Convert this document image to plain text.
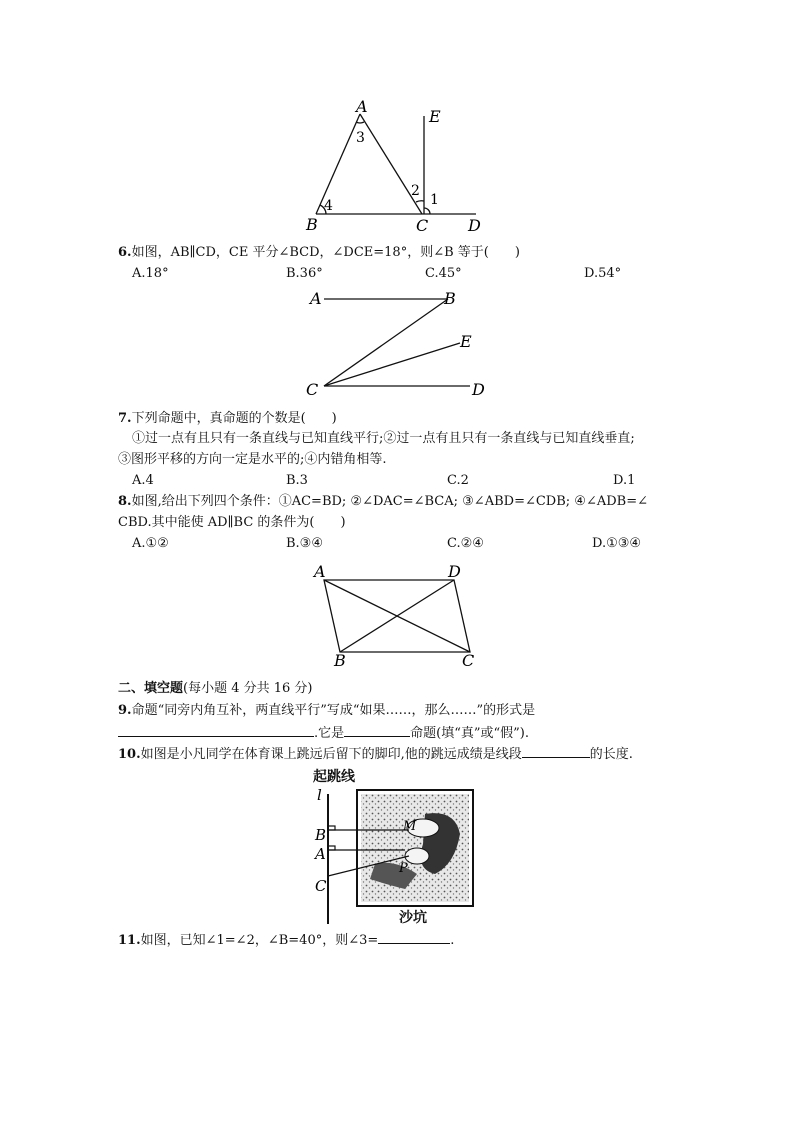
A
B	C D
E
1
2
3
4
6.如图，AB∥CD，CE 平分∠BCD，∠DCE=18°，则∠B 等于(　　)
A.18°	B.36°	C.45°	D.54°
A	B
E
C	D
7.下列命题中，真命题的个数是(　　)
①过一点有且只有一条直线与已知直线平行;②过一点有且只有一条直线与已知直线垂直;
③图形平移的方向一定是水平的;④内错角相等.
A.4	B.3	C.2	D.1
8.如图,给出下列四个条件：①AC=BD; ②∠DAC=∠BCA; ③∠ABD=∠CDB; ④∠ADB=∠
CBD.其中能使 AD∥BC 的条件为(　　)
A.①②	B.③④	C.②④	D.①③④
A	D
B	C
二、填空题(每小题 4 分共 16 分)
9.命题“同旁内角互补，两直线平行”写成“如果……，那么……”的形式是
.它是	命题(填“真”或“假”).
10.如图是小凡同学在体育课上跳远后留下的脚印,他的跳远成绩是线段	的长度.
起跳线
l
B
A
C
M
P
沙坑
11.如图，已知∠1=∠2，∠B=40°，则∠3=	.
